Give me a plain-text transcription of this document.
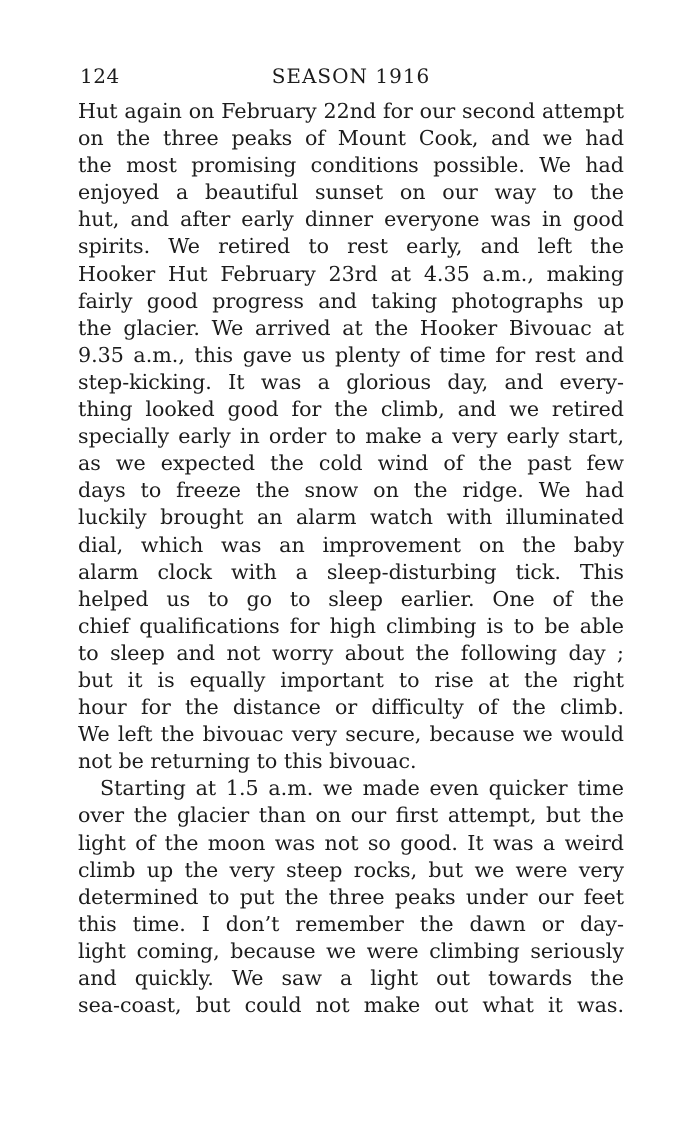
124	SEASON 1916
Hut again on February 22nd for our second attempt
on the three peaks of Mount Cook, and we had
the most promising conditions possible. We had
enjoyed a beautiful sunset on our way to the
hut, and after early dinner everyone was in good
spirits. We retired to rest early, and left the
Hooker Hut February 23rd at 4.35 a.m., making
fairly good progress and taking photographs up
the glacier. We arrived at the Hooker Bivouac at
9.35 a.m., this gave us plenty of time for rest and
step-kicking. It was a glorious day, and every-
thing looked good for the climb, and we retired
specially early in order to make a very early start,
as we expected the cold wind of the past few
days to freeze the snow on the ridge. We had
luckily brought an alarm watch with illuminated
dial, which was an improvement on the baby
alarm clock with a sleep-disturbing tick. This
helped us to go to sleep earlier. One of the
chief qualifications for high climbing is to be able
to sleep and not worry about the following day ;
but it is equally important to rise at the right
hour for the distance or difficulty of the climb.
We left the bivouac very secure, because we would
not be returning to this bivouac.
Starting at 1.5 a.m. we made even quicker time
over the glacier than on our first attempt, but the
light of the moon was not so good. It was a weird
climb up the very steep rocks, but we were very
determined to put the three peaks under our feet
this time. I don’t remember the dawn or day-
light coming, because we were climbing seriously
and quickly. We saw a light out towards the
sea-coast, but could not make out what it was.
